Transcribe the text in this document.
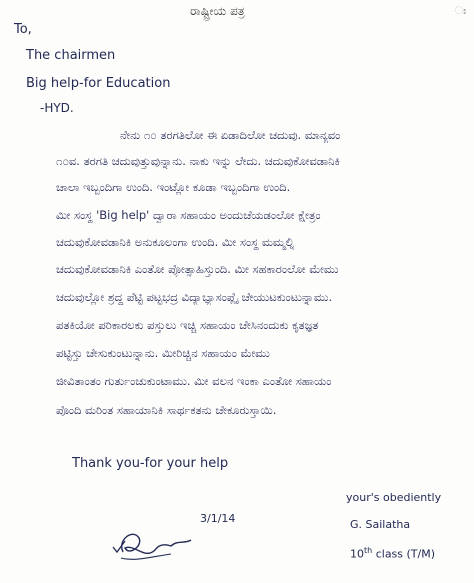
ರಾಷ್ಟ್ರೀಯ ಪತ್ರ	ಃ
To,
The chairmen
Big help-for Education
-HYD.
ನೇನು ೧೦ ತರಗತಿಲೋ ಈ ಏಡಾದಿಲೋ ಚದುವು. ಮಾನ್ಯವಂ
೧೦ವ. ತರಗತಿ ಚದುವುತ್ತುವುನ್ನಾನು. ನಾಕು ಇನ್ನು ಲೇದು. ಚದುವುಕೋವಡಾನಿಕಿ
ಚಾಲಾ ಇಬ್ಬಂದಿಗಾ ಉಂದಿ. ಇಂಟ್ಲೋ ಕೂಡಾ ಇಬ್ಬಂದಿಗಾ ಉಂದಿ.
ಮೀ ಸಂಸ್ಥ 'Big help' ದ್ವಾರಾ ಸಹಾಯಂ ಅಂದುಚೆಯಡಂಲೋ ಕ್ಷೇತ್ರಂ
ಚದುವುಕೋವಡಾನಿಕಿ ಅನುಕೂಲಂಗಾ ಉಂದಿ. ಮೀ ಸಂಸ್ಥ ಮಮ್ಮಲ್ನಿ
ಚದುವುಕೋವಡಾನಿಕಿ ಎಂತೋ ಪ್ರೋತ್ಸಾಹಿಸ್ತುಂದಿ. ಮೀ ಸಹಕಾರಂಲೋ ಮೇಮು
ಚದುವುಲ್ಲೋ ಶ್ರದ್ಧ ಪೆಟ್ಟಿ ಪಟ್ಟಭದ್ರ ವಿದ್ಯಾಭ್ಯಾಸಂಪ್ಲೈ ಚೇಯುಟಕುಂಟುನ್ನಾಮು.
ಪತಕಿಯೋ ಪರಿಕಾರಲಕು ಪಸ್ತುಲು ಇಚ್ಚಿ ಸಹಾಯಂ ಚೇಸಿನಂದುಕು ಕೃತಜ್ಞತ
ಪಟ್ಟಿಸ್ತು ಚೇಸುಕುಂಟುನ್ನಾನು. ಮೀರಿಚ್ಚಿನ ಸಹಾಯಂ ಮೇಮು
ಜೀವಿತಾಂತಂ ಗುರ್ತುಂಚುಕುಂಟಾಮು. ಮೀ ವಲನ ಇಂಕಾ ಎಂತೋ ಸಹಾಯಂ
ಪೊಂದಿ ಮರಿಂತ ಸಹಾಯಾನಿಕಿ ಸಾರ್ಥಕತನು ಚೇಕೂರುಸ್ತಾಯಿ.
Thank you-for your help
your's obediently
G. Sailatha
10th class (T/M)
3/1/14
